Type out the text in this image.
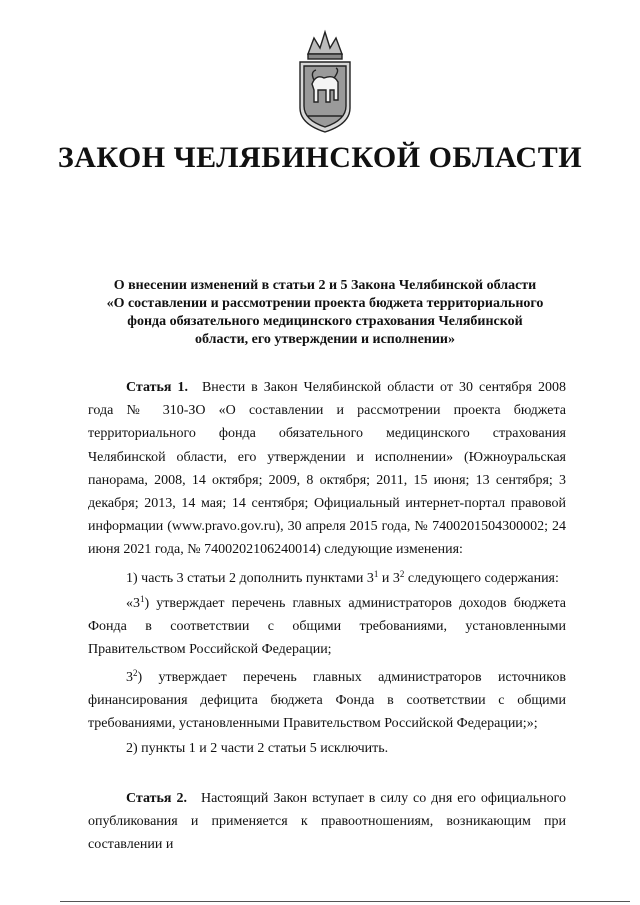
ЗАКОН ЧЕЛЯБИНСКОЙ ОБЛАСТИ

О внесении изменений в статьи 2 и 5 Закона Челябинской области «О составлении и рассмотрении проекта бюджета территориального фонда обязательного медицинского страхования Челябинской области, его утверждении и исполнении»

Статья 1. Внести в Закон Челябинской области от 30 сентября 2008 года № 310-ЗО «О составлении и рассмотрении проекта бюджета территориального фонда обязательного медицинского страхования Челябинской области, его утверждении и исполнении» (Южноуральская панорама, 2008, 14 октября; 2009, 8 октября; 2011, 15 июня; 13 сентября; 3 декабря; 2013, 14 мая; 14 сентября; Официальный интернет-портал правовой информации (www.pravo.gov.ru), 30 апреля 2015 года, № 7400201504300002; 24 июня 2021 года, № 7400202106240014) следующие изменения:

1) часть 3 статьи 2 дополнить пунктами $3^1$ и $3^2$ следующего содержания:

«$3^1$) утверждает перечень главных администраторов доходов бюджета Фонда в соответствии с общими требованиями, установленными Правительством Российской Федерации;

$3^2$) утверждает перечень главных администраторов источников финансирования дефицита бюджета Фонда в соответствии с общими требованиями, установленными Правительством Российской Федерации;»;

2) пункты 1 и 2 части 2 статьи 5 исключить.

Статья 2. Настоящий Закон вступает в силу со дня его официального опубликования и применяется к правоотношениям, возникающим при составлении и
